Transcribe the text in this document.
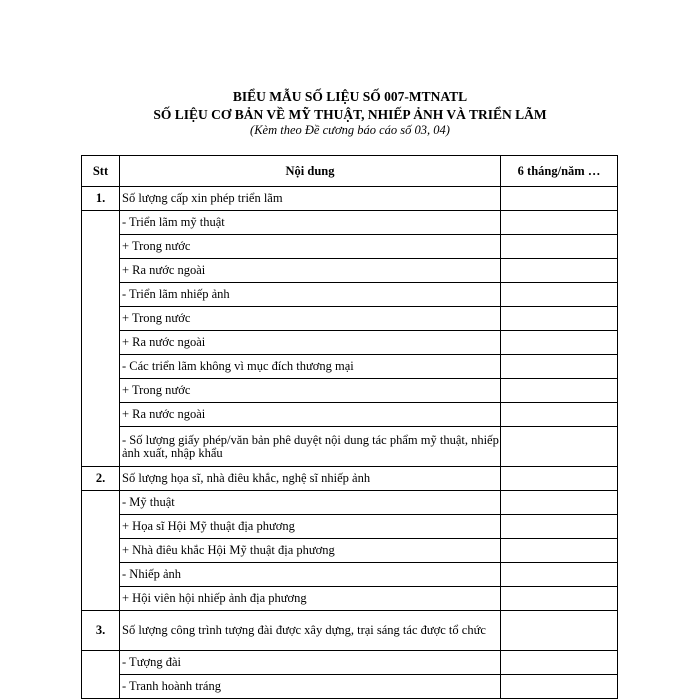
BIỂU MẪU SỐ LIỆU SỐ 007-MTNATL
SỐ LIỆU CƠ BẢN VỀ MỸ THUẬT, NHIẾP ẢNH VÀ TRIỂN LÃM
(Kèm theo Đề cương báo cáo số 03, 04)
Stt	Nội dung	6 tháng/năm …
1.	Số lượng cấp xin phép triển lãm	
	- Triển lãm mỹ thuật	
	+ Trong nước	
	+ Ra nước ngoài	
	- Triển lãm nhiếp ảnh	
	+ Trong nước	
	+ Ra nước ngoài	
	- Các triển lãm không vì mục đích thương mại	
	+ Trong nước	
	+ Ra nước ngoài	
	- Số lượng giấy phép/văn bản phê duyệt nội dung tác phẩm mỹ thuật, nhiếp ảnh xuất, nhập khẩu	
2.	Số lượng họa sĩ, nhà điêu khắc, nghệ sĩ nhiếp ảnh	
	- Mỹ thuật	
	+ Họa sĩ Hội Mỹ thuật địa phương	
	+ Nhà điêu khắc Hội Mỹ thuật địa phương	
	- Nhiếp ảnh	
	+ Hội viên hội nhiếp ảnh địa phương	
3.	Số lượng công trình tượng đài được xây dựng, trại sáng tác được tổ chức	
	- Tượng đài	
	- Tranh hoành tráng	
